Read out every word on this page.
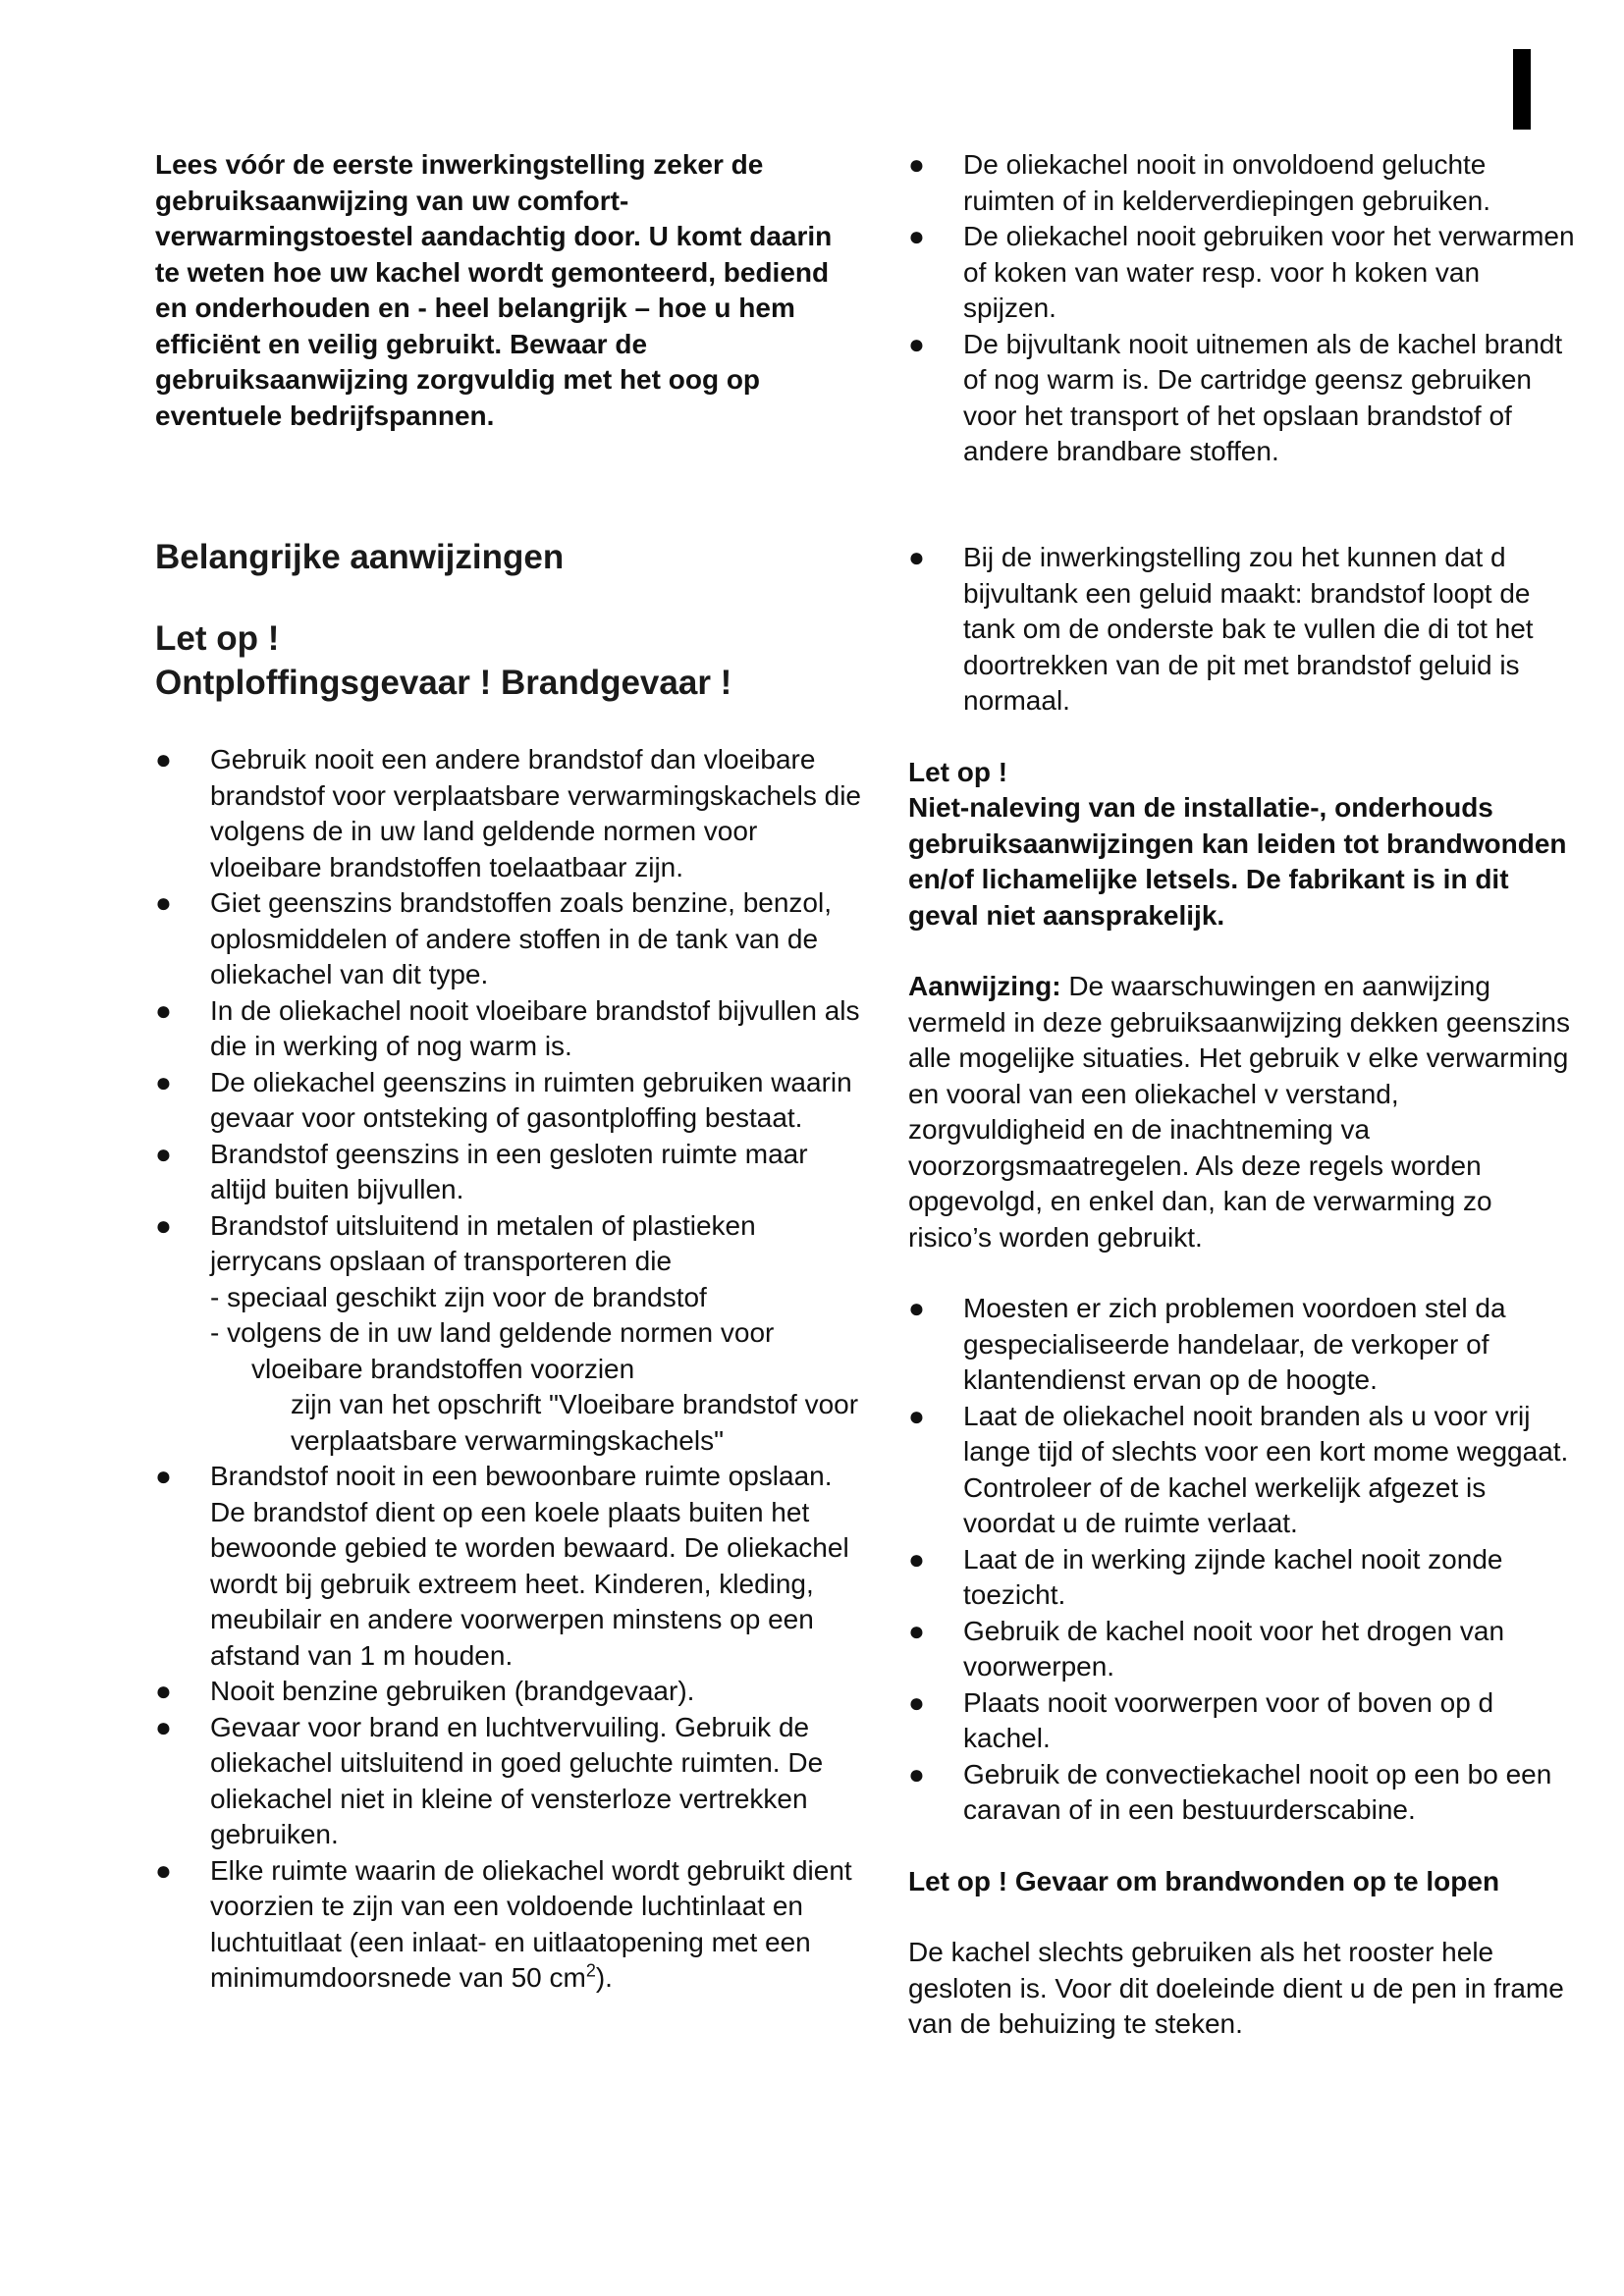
Lees vóór de eerste inwerkingstelling zeker de gebruiksaanwijzing van uw comfort-verwarmingstoestel aandachtig door. U komt daarin te weten hoe uw kachel wordt gemonteerd, bediend en onderhouden en - heel belangrijk – hoe u hem efficiënt en veilig gebruikt. Bewaar de gebruiksaanwijzing zorgvuldig met het oog op eventuele bedrijfspannen.

Belangrijke aanwijzingen

Let op !

Ontploffingsgevaar ! Brandgevaar !

● Gebruik nooit een andere brandstof dan vloeibare brandstof voor verplaatsbare verwarmingskachels die volgens de in uw land geldende normen voor vloeibare brandstoffen toelaatbaar zijn.

● Giet geenszins brandstoffen zoals benzine, benzol, oplosmiddelen of andere stoffen in de tank van de oliekachel van dit type.

● In de oliekachel nooit vloeibare brandstof bijvullen als die in werking of nog warm is.

● De oliekachel geenszins in ruimten gebruiken waarin gevaar voor ontsteking of gasontploffing bestaat.

● Brandstof geenszins in een gesloten ruimte maar altijd buiten bijvullen.

● Brandstof uitsluitend in metalen of plastieken jerrycans opslaan of transporteren die

- speciaal geschikt zijn voor de brandstof

- volgens de in uw land geldende normen voor

vloeibare brandstoffen voorzien

zijn van het opschrift "Vloeibare brandstof voor verplaatsbare verwarmingskachels"

● Brandstof nooit in een bewoonbare ruimte opslaan. De brandstof dient op een koele plaats buiten het bewoonde gebied te worden bewaard. De oliekachel wordt bij gebruik extreem heet. Kinderen, kleding, meubilair en andere voorwerpen minstens op een afstand van 1 m houden.

● Nooit benzine gebruiken (brandgevaar).

● Gevaar voor brand en luchtvervuiling. Gebruik de oliekachel uitsluitend in goed geluchte ruimten. De oliekachel niet in kleine of vensterloze vertrekken gebruiken.

● Elke ruimte waarin de oliekachel wordt gebruikt dient voorzien te zijn van een voldoende luchtinlaat en luchtuitlaat (een inlaat- en uitlaatopening met een minimumdoorsnede van 50 $cm^2$).

● De oliekachel nooit in onvoldoend geluchte ruimten of in kelderverdiepingen gebruiken.

● De oliekachel nooit gebruiken voor het verwarmen of koken van water resp. voor h koken van spijzen.

● De bijvultank nooit uitnemen als de kachel brandt of nog warm is. De cartridge geensz gebruiken voor het transport of het opslaan brandstof of andere brandbare stoffen.

● Bij de inwerkingstelling zou het kunnen dat d bijvultank een geluid maakt: brandstof loopt de tank om de onderste bak te vullen die di tot het doortrekken van de pit met brandstof geluid is normaal.

Let op !

Niet-naleving van de installatie-, onderhouds gebruiksaanwijzingen kan leiden tot brandwonden en/of lichamelijke letsels. De fabrikant is in dit geval niet aansprakelijk.

Aanwijzing: De waarschuwingen en aanwijzing vermeld in deze gebruiksaanwijzing dekken geenszins alle mogelijke situaties. Het gebruik v elke verwarming en vooral van een oliekachel v verstand, zorgvuldigheid en de inachtneming va voorzorgsmaatregelen. Als deze regels worden opgevolgd, en enkel dan, kan de verwarming zo risico’s worden gebruikt.

● Moesten er zich problemen voordoen stel da gespecialiseerde handelaar, de verkoper of klantendienst ervan op de hoogte.

● Laat de oliekachel nooit branden als u voor vrij lange tijd of slechts voor een kort mome weggaat. Controleer of de kachel werkelijk afgezet is voordat u de ruimte verlaat.

● Laat de in werking zijnde kachel nooit zonde toezicht.

● Gebruik de kachel nooit voor het drogen van voorwerpen.

● Plaats nooit voorwerpen voor of boven op d kachel.

● Gebruik de convectiekachel nooit op een bo een caravan of in een bestuurderscabine.

Let op ! Gevaar om brandwonden op te lopen

De kachel slechts gebruiken als het rooster hele gesloten is. Voor dit doeleinde dient u de pen in frame van de behuizing te steken.
